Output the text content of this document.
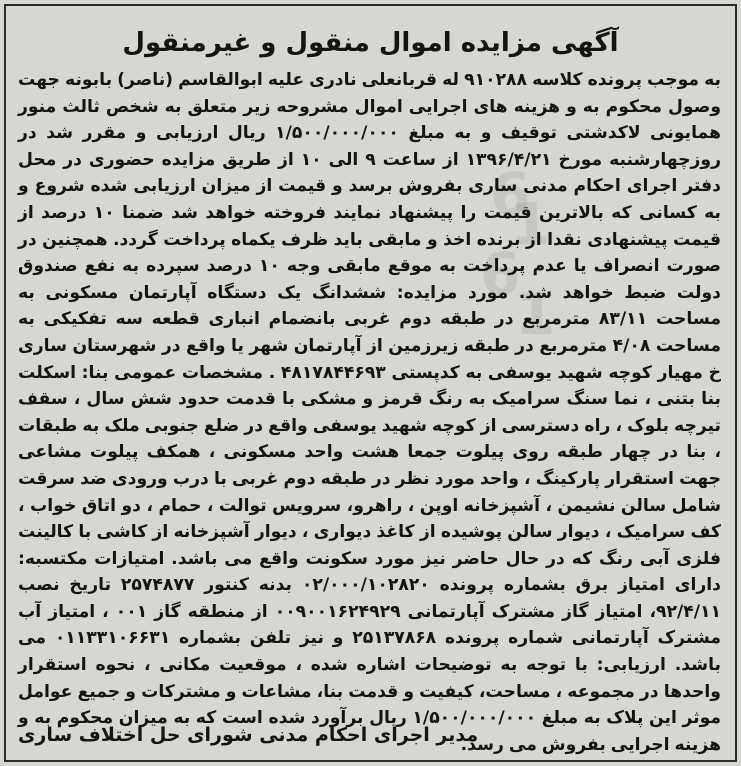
6
1
6
1
آگهی مزایده اموال منقول و غیرمنقول
به موجب پرونده کلاسه ۹۱۰۲۸۸ له قربانعلی نادری علیه ابوالقاسم (ناصر) بابونه جهت وصول محکوم به و هزینه های اجرایی اموال مشروحه زیر متعلق به شخص ثالث منور همایونی لاکدشتی توقیف و به مبلغ ۱/۵۰۰/۰۰۰/۰۰۰ ریال ارزیابی و مقرر شد در روزچهارشنبه مورخ ۱۳۹۶/۴/۲۱ از ساعت ۹ الی ۱۰ از طریق مزایده حضوری در محل دفتر اجرای احکام مدنی ساری بفروش برسد و قیمت از میزان ارزیابی شده شروع و به کسانی که بالاترین قیمت را پیشنهاد نمایند فروخته خواهد شد ضمنا ۱۰ درصد از قیمت پیشنهادی نقدا از برنده اخذ و مابقی باید ظرف یکماه پرداخت گردد. همچنین در صورت انصراف یا عدم پرداخت به موقع مابقی وجه ۱۰ درصد سپرده به نفع صندوق دولت ضبط خواهد شد. مورد مزایده: ششدانگ یک دستگاه آپارتمان مسکونی به مساحت ۸۳/۱۱ مترمربع در طبقه دوم غربی بانضمام انباری قطعه سه تفکیکی به مساحت ۴/۰۸ مترمربع در طبقه زیرزمین از آپارتمان شهر یا واقع در شهرستان ساری خ مهیار کوچه شهید یوسفی به کدپستی ۴۸۱۷۸۴۴۶۹۳ . مشخصات عمومی بنا: اسکلت بنا بتنی ، نما سنگ سرامیک به رنگ قرمز و مشکی با قدمت حدود شش سال ، سقف تیرچه بلوک ، راه دسترسی از کوچه شهید یوسفی واقع در ضلع جنوبی ملک به طبقات ، بنا در چهار طبقه روی پیلوت جمعا هشت واحد مسکونی ، همکف پیلوت مشاعی جهت استقرار پارکینگ ، واحد مورد نظر در طبقه دوم غربی با درب ورودی ضد سرقت شامل سالن نشیمن ، آشپزخانه اوپن ، راهرو، سرویس توالت ، حمام ، دو اتاق خواب ، کف سرامیک ، دیوار سالن پوشیده از کاغذ دیواری ، دیوار آشپزخانه از کاشی با کالینت فلزی آبی رنگ که در حال حاضر نیز مورد سکونت واقع می باشد. امتیازات مکتسبه: دارای امتیاز برق بشماره پرونده ۰۲/۰۰۰/۱۰۲۸۲۰ بدنه کنتور ۲۵۷۴۸۷۷ تاریخ نصب ۹۲/۴/۱۱، امتیاز گاز مشترک آپارتمانی ۰۰۹۰۰۱۶۲۴۹۲۹ از منطقه گاز ۰۰۱ ، امتیاز آب مشترک آپارتمانی شماره پرونده ۲۵۱۳۷۸۶۸ و نیز تلفن بشماره ۰۱۱۳۳۱۰۶۶۳۱ می باشد. ارزیابی: با توجه به توضیحات اشاره شده ، موقعیت مکانی ، نحوه استقرار واحدها در مجموعه ، مساحت، کیفیت و قدمت بنا، مشاعات و مشترکات و جمیع عوامل موثر این پلاک به مبلغ ۱/۵۰۰/۰۰۰/۰۰۰ ریال برآورد شده است که به میزان محکوم به و هزینه اجرایی بفروش می رسد.
مدیر اجرای احکام مدنی شورای حل اختلاف ساری
